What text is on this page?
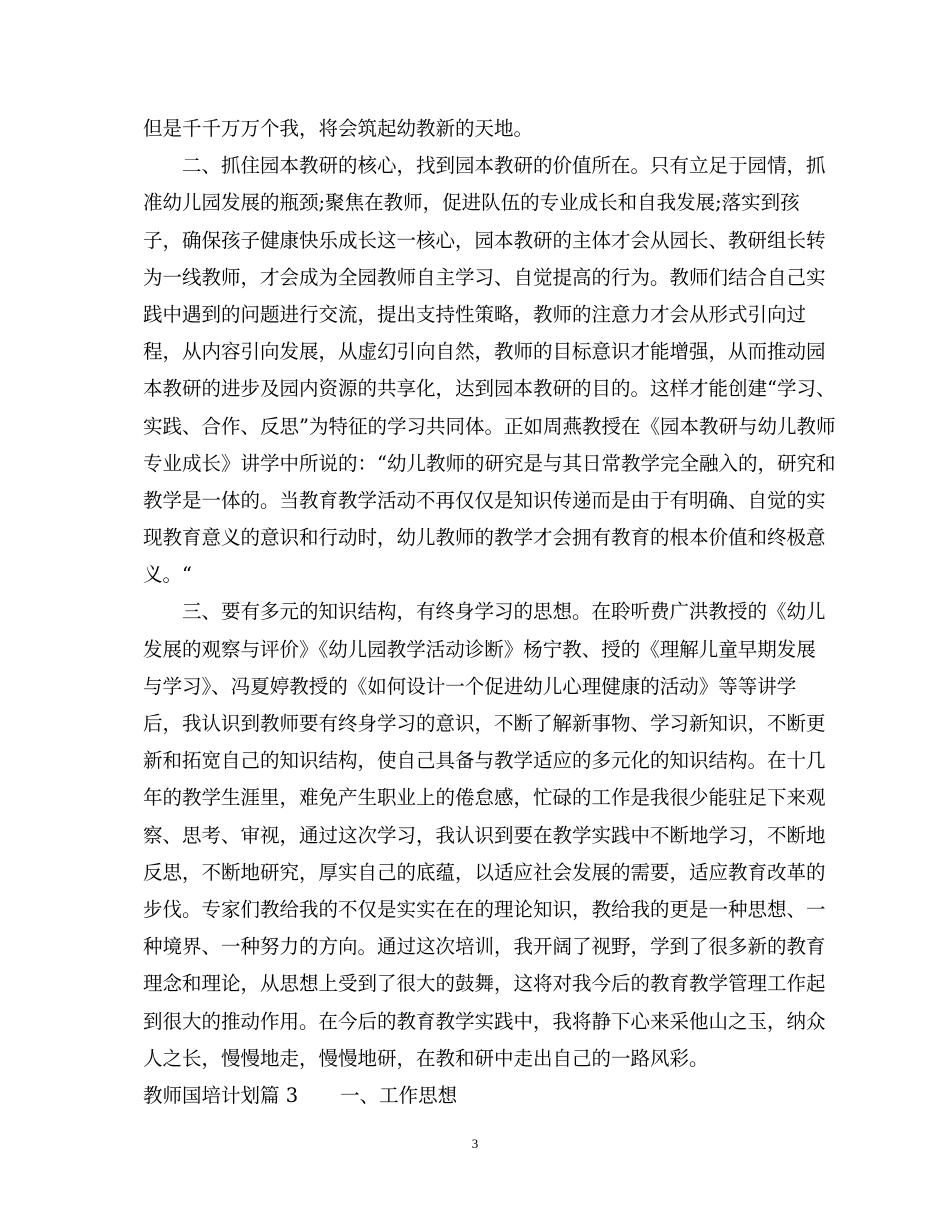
但是千千万万个我，将会筑起幼教新的天地。
二、抓住园本教研的核心，找到园本教研的价值所在。只有立足于园情，抓
准幼儿园发展的瓶颈;聚焦在教师，促进队伍的专业成长和自我发展;落实到孩
子，确保孩子健康快乐成长这一核心，园本教研的主体才会从园长、教研组长转
为一线教师，才会成为全园教师自主学习、自觉提高的行为。教师们结合自己实
践中遇到的问题进行交流，提出支持性策略，教师的注意力才会从形式引向过
程，从内容引向发展，从虚幻引向自然，教师的目标意识才能增强，从而推动园
本教研的进步及园内资源的共享化，达到园本教研的目的。这样才能创建“学习、
实践、合作、反思”为特征的学习共同体。正如周燕教授在《园本教研与幼儿教师
专业成长》讲学中所说的：“幼儿教师的研究是与其日常教学完全融入的，研究和
教学是一体的。当教育教学活动不再仅仅是知识传递而是由于有明确、自觉的实
现教育意义的意识和行动时，幼儿教师的教学才会拥有教育的根本价值和终极意
义。“
三、要有多元的知识结构，有终身学习的思想。在聆听费广洪教授的《幼儿
发展的观察与评价》《幼儿园教学活动诊断》杨宁教、授的《理解儿童早期发展
与学习》、冯夏婷教授的《如何设计一个促进幼儿心理健康的活动》等等讲学
后，我认识到教师要有终身学习的意识，不断了解新事物、学习新知识，不断更
新和拓宽自己的知识结构，使自己具备与教学适应的多元化的知识结构。在十几
年的教学生涯里，难免产生职业上的倦怠感，忙碌的工作是我很少能驻足下来观
察、思考、审视，通过这次学习，我认识到要在教学实践中不断地学习，不断地
反思，不断地研究，厚实自己的底蕴，以适应社会发展的需要，适应教育改革的
步伐。专家们教给我的不仅是实实在在的理论知识，教给我的更是一种思想、一
种境界、一种努力的方向。通过这次培训，我开阔了视野，学到了很多新的教育
理念和理论，从思想上受到了很大的鼓舞，这将对我今后的教育教学管理工作起
到很大的推动作用。在今后的教育教学实践中，我将静下心来采他山之玉，纳众
人之长，慢慢地走，慢慢地研，在教和研中走出自己的一路风彩。
教师国培计划篇 3 一、工作思想
3
